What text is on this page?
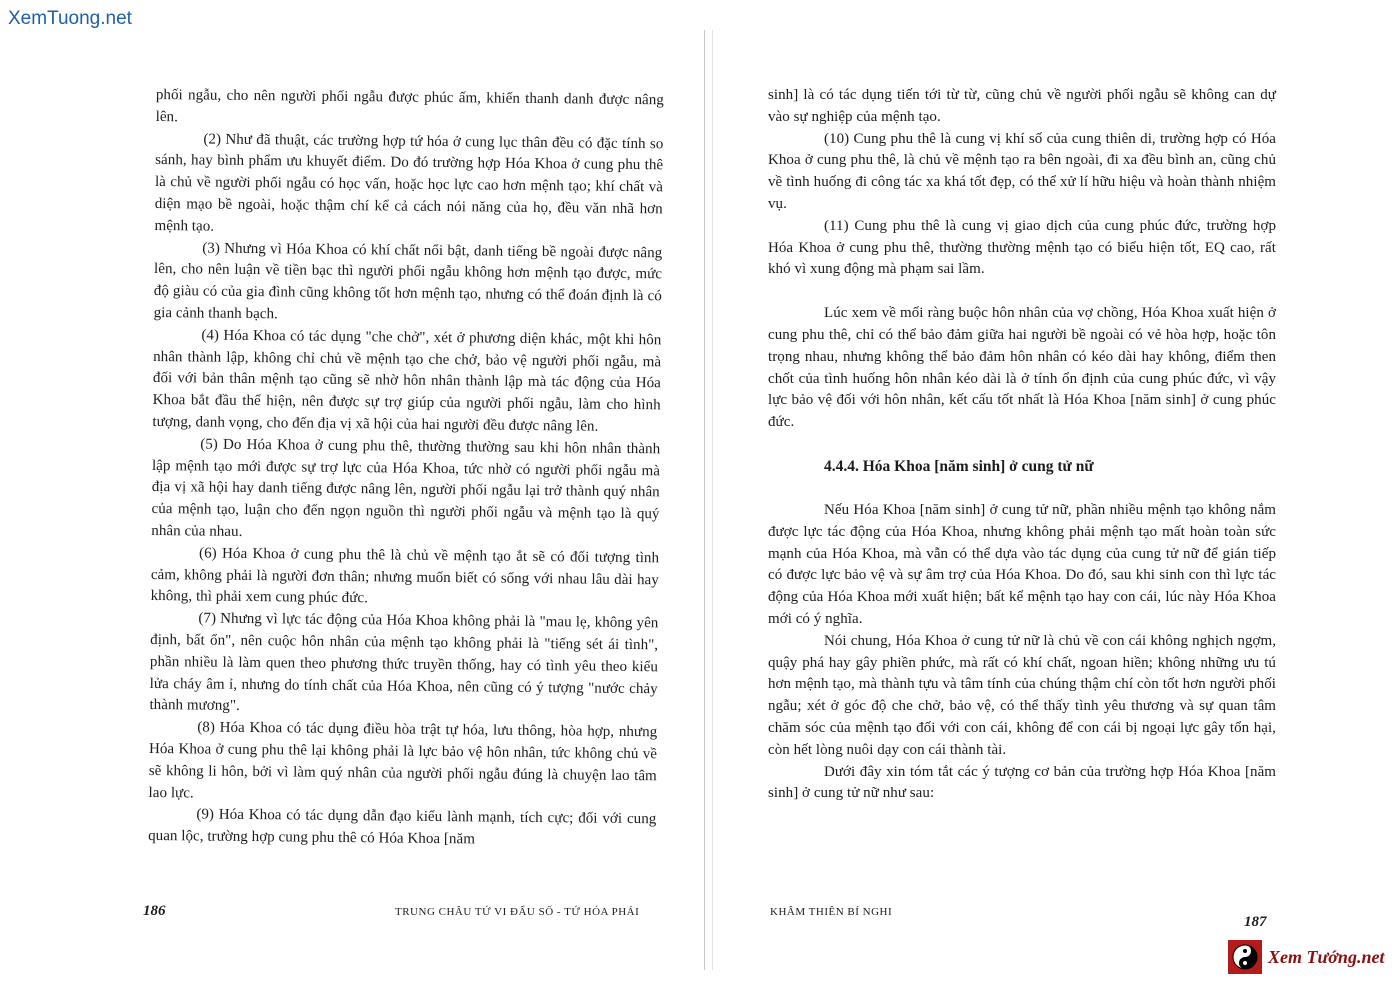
XemTuong.net

phối ngẫu, cho nên người phối ngẫu được phúc ấm, khiến thanh danh được nâng lên.

(2) Như đã thuật, các trường hợp tứ hóa ở cung lục thân đều có đặc tính so sánh, hay bình phẩm ưu khuyết điểm. Do đó trường hợp Hóa Khoa ở cung phu thê là chủ về người phối ngẫu có học vấn, hoặc học lực cao hơn mệnh tạo; khí chất và diện mạo bề ngoài, hoặc thậm chí kể cả cách nói năng của họ, đều văn nhã hơn mệnh tạo.

(3) Nhưng vì Hóa Khoa có khí chất nổi bật, danh tiếng bề ngoài được nâng lên, cho nên luận về tiền bạc thì người phối ngẫu không hơn mệnh tạo được, mức độ giàu có của gia đình cũng không tốt hơn mệnh tạo, nhưng có thể đoán định là có gia cảnh thanh bạch.

(4) Hóa Khoa có tác dụng "che chở", xét ở phương diện khác, một khi hôn nhân thành lập, không chỉ chủ về mệnh tạo che chở, bảo vệ người phối ngẫu, mà đối với bản thân mệnh tạo cũng sẽ nhờ hôn nhân thành lập mà tác động của Hóa Khoa bắt đầu thể hiện, nên được sự trợ giúp của người phối ngẫu, làm cho hình tượng, danh vọng, cho đến địa vị xã hội của hai người đều được nâng lên.

(5) Do Hóa Khoa ở cung phu thê, thường thường sau khi hôn nhân thành lập mệnh tạo mới được sự trợ lực của Hóa Khoa, tức nhờ có người phối ngẫu mà địa vị xã hội hay danh tiếng được nâng lên, người phối ngẫu lại trở thành quý nhân của mệnh tạo, luận cho đến ngọn nguồn thì người phối ngẫu và mệnh tạo là quý nhân của nhau.

(6) Hóa Khoa ở cung phu thê là chủ về mệnh tạo ắt sẽ có đối tượng tình cảm, không phải là người đơn thân; nhưng muốn biết có sống với nhau lâu dài hay không, thì phải xem cung phúc đức.

(7) Nhưng vì lực tác động của Hóa Khoa không phải là "mau lẹ, không yên định, bất ổn", nên cuộc hôn nhân của mệnh tạo không phải là "tiếng sét ái tình", phần nhiều là làm quen theo phương thức truyền thống, hay có tình yêu theo kiểu lửa cháy âm ỉ, nhưng do tính chất của Hóa Khoa, nên cũng có ý tượng "nước chảy thành mương".

(8) Hóa Khoa có tác dụng điều hòa trật tự hóa, lưu thông, hòa hợp, nhưng Hóa Khoa ở cung phu thê lại không phải là lực bảo vệ hôn nhân, tức không chủ về sẽ không li hôn, bởi vì làm quý nhân của người phối ngẫu đúng là chuyện lao tâm lao lực.

(9) Hóa Khoa có tác dụng dẫn đạo kiểu lành mạnh, tích cực; đối với cung quan lộc, trường hợp cung phu thê có Hóa Khoa [năm

186	TRUNG CHÂU TỨ VI ĐẨU SỐ - TỨ HÓA PHÁI

sinh] là có tác dụng tiến tới từ từ, cũng chủ về người phối ngẫu sẽ không can dự vào sự nghiệp của mệnh tạo.

(10) Cung phu thê là cung vị khí số của cung thiên di, trường hợp có Hóa Khoa ở cung phu thê, là chủ về mệnh tạo ra bên ngoài, đi xa đều bình an, cũng chủ về tình huống đi công tác xa khá tốt đẹp, có thể xử lí hữu hiệu và hoàn thành nhiệm vụ.

(11) Cung phu thê là cung vị giao dịch của cung phúc đức, trường hợp Hóa Khoa ở cung phu thê, thường thường mệnh tạo có biểu hiện tốt, EQ cao, rất khó vì xung động mà phạm sai lầm.

Lúc xem về mối ràng buộc hôn nhân của vợ chồng, Hóa Khoa xuất hiện ở cung phu thê, chỉ có thể bảo đảm giữa hai người bề ngoài có vẻ hòa hợp, hoặc tôn trọng nhau, nhưng không thể bảo đảm hôn nhân có kéo dài hay không, điểm then chốt của tình huống hôn nhân kéo dài là ở tính ổn định của cung phúc đức, vì vậy lực bảo vệ đối với hôn nhân, kết cấu tốt nhất là Hóa Khoa [năm sinh] ở cung phúc đức.

4.4.4. Hóa Khoa [năm sinh] ở cung tử nữ

Nếu Hóa Khoa [năm sinh] ở cung tử nữ, phần nhiều mệnh tạo không nắm được lực tác động của Hóa Khoa, nhưng không phải mệnh tạo mất hoàn toàn sức mạnh của Hóa Khoa, mà vẫn có thể dựa vào tác dụng của cung tử nữ để gián tiếp có được lực bảo vệ và sự âm trợ của Hóa Khoa. Do đó, sau khi sinh con thì lực tác động của Hóa Khoa mới xuất hiện; bất kể mệnh tạo hay con cái, lúc này Hóa Khoa mới có ý nghĩa.

Nói chung, Hóa Khoa ở cung tử nữ là chủ về con cái không nghịch ngợm, quậy phá hay gây phiền phức, mà rất có khí chất, ngoan hiền; không những ưu tú hơn mệnh tạo, mà thành tựu và tâm tính của chúng thậm chí còn tốt hơn người phối ngẫu; xét ở góc độ che chở, bảo vệ, có thể thấy tình yêu thương và sự quan tâm chăm sóc của mệnh tạo đối với con cái, không để con cái bị ngoại lực gây tổn hại, còn hết lòng nuôi dạy con cái thành tài.

Dưới đây xin tóm tắt các ý tượng cơ bản của trường hợp Hóa Khoa [năm sinh] ở cung tử nữ như sau:

KHÂM THIÊN BÍ NGHI
187
Xem Tướng.net
